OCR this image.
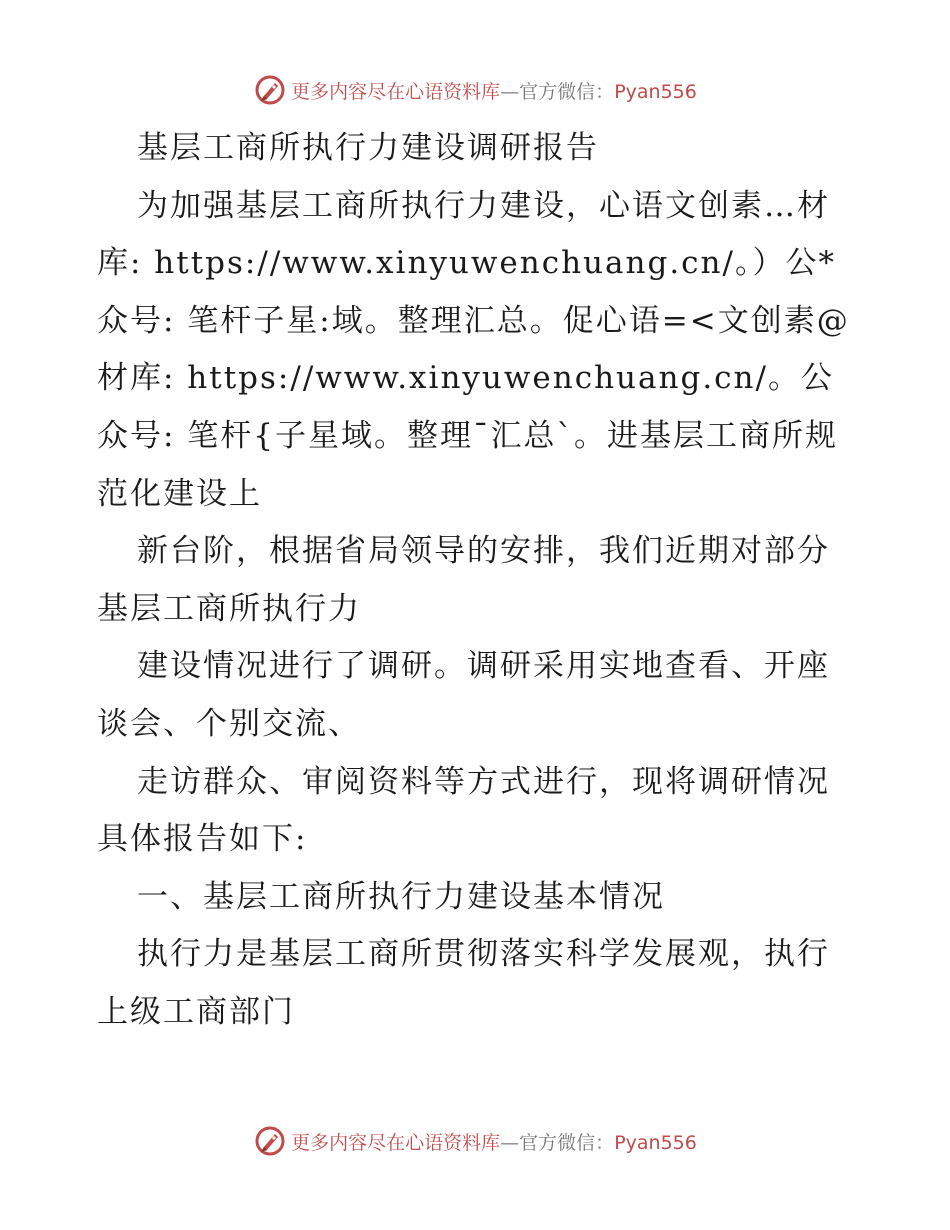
更多内容尽在心语资料库—官方微信：Pyan556

基层工商所执行力建设调研报告

为加强基层工商所执行力建设，心语文创素…材库: https://www.xinyuwenchuang.cn/。）公*众号: 笔杆子星:域。整理汇总。促心语=<文创素@材库: https://www.xinyuwenchuang.cn/。公众号: 笔杆{子星域。整理¯汇总`。进基层工商所规范化建设上

新台阶，根据省局领导的安排，我们近期对部分基层工商所执行力

建设情况进行了调研。调研采用实地查看、开座谈会、个别交流、

走访群众、审阅资料等方式进行，现将调研情况具体报告如下:

一、基层工商所执行力建设基本情况

执行力是基层工商所贯彻落实科学发展观，执行上级工商部门

更多内容尽在心语资料库—官方微信：Pyan556
